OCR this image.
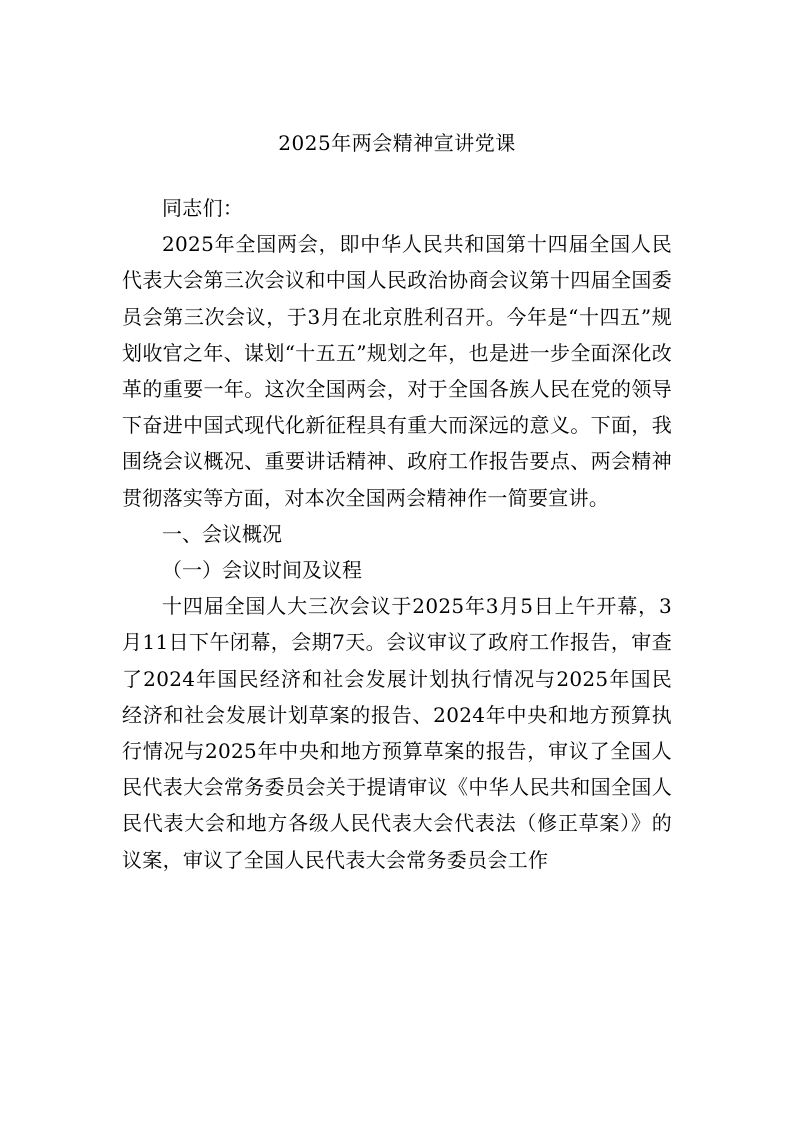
2025年两会精神宣讲党课

同志们：

2025年全国两会，即中华人民共和国第十四届全国人民代表大会第三次会议和中国人民政治协商会议第十四届全国委员会第三次会议，于3月在北京胜利召开。今年是“十四五”规划收官之年、谋划“十五五”规划之年，也是进一步全面深化改革的重要一年。这次全国两会，对于全国各族人民在党的领导下奋进中国式现代化新征程具有重大而深远的意义。下面，我围绕会议概况、重要讲话精神、政府工作报告要点、两会精神贯彻落实等方面，对本次全国两会精神作一简要宣讲。

一、会议概况

（一）会议时间及议程

十四届全国人大三次会议于2025年3月5日上午开幕，3月11日下午闭幕，会期7天。会议审议了政府工作报告，审查了2024年国民经济和社会发展计划执行情况与2025年国民经济和社会发展计划草案的报告、2024年中央和地方预算执行情况与2025年中央和地方预算草案的报告，审议了全国人民代表大会常务委员会关于提请审议《中华人民共和国全国人民代表大会和地方各级人民代表大会代表法（修正草案）》的议案，审议了全国人民代表大会常务委员会工作
